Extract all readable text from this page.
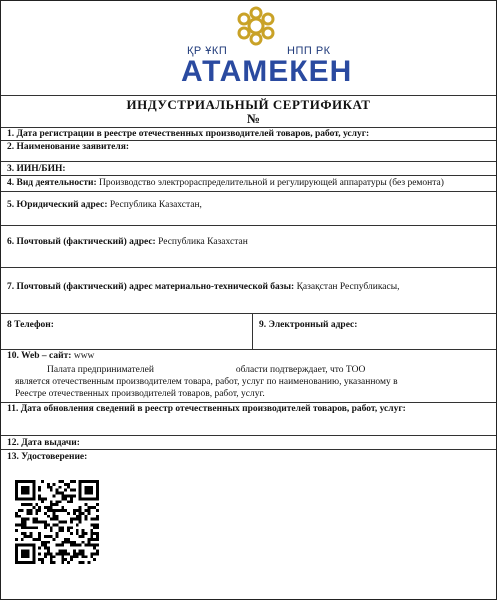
ҚР ҰКП	НПП РК
АТАМЕКЕН
ИНДУСТРИАЛЬНЫЙ СЕРТИФИКАТ
№
1. Дата регистрации в реестре отечественных производителей товаров, работ, услуг:
2. Наименование заявителя:
3. ИИН/БИН:
4. Вид деятельности: Производство электрораспределительной и регулирующей аппаратуры (без ремонта)
5. Юридический адрес: Республика Казахстан,
6. Почтовый (фактический) адрес: Республика Казахстан
7. Почтовый (фактический) адрес материально-технической базы: Қазақстан Республикасы,
8 Телефон:	9. Электронный адрес:
10. Web – сайт: www
Палата предпринимателей	области подтверждает, что ТОО
является отечественным производителем товара, работ, услуг по наименованию, указанному в
Реестре отечественных производителей товаров, работ, услуг.
11. Дата обновления сведений в реестр отечественных производителей товаров, работ, услуг:
12. Дата выдачи:
13. Удостоверение:
